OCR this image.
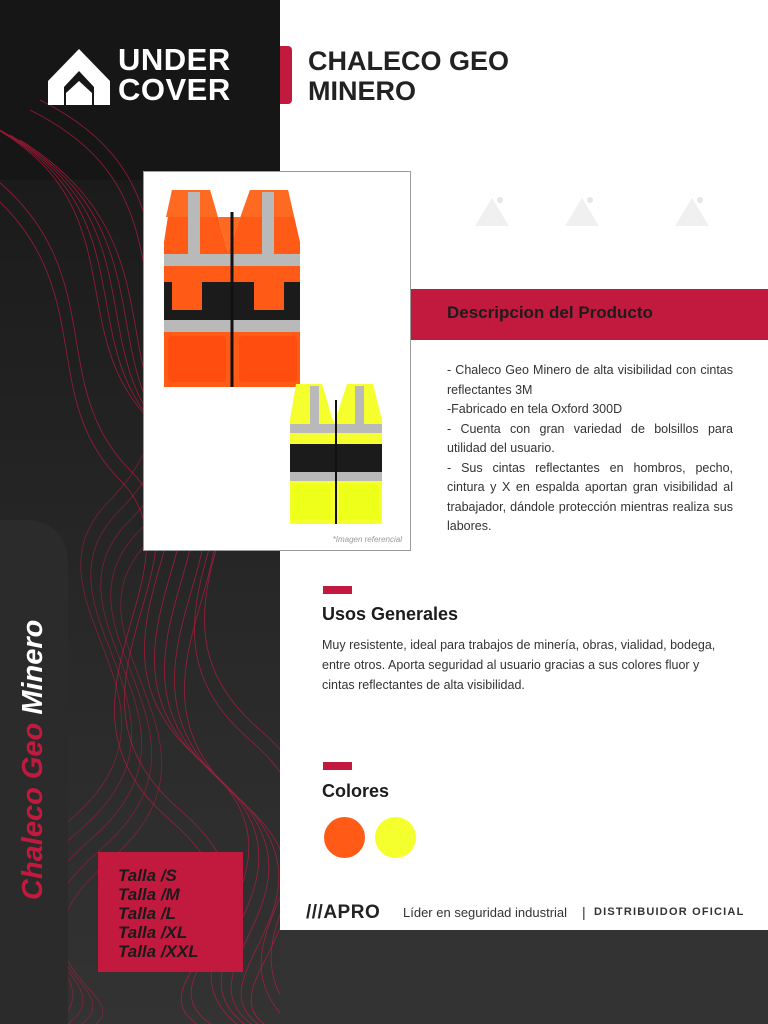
UNDER
COVER
CHALECO GEO MINERO
*Imagen referencial
Descripcion del Producto

- Chaleco Geo Minero de alta visibilidad con cintas reflectantes 3M

-Fabricado en tela Oxford 300D

- Cuenta con gran variedad de bolsillos para utilidad del usuario.

- Sus cintas reflectantes en hombros, pecho, cintura y X en espalda aportan gran visibilidad al trabajador, dándole protección mientras realiza sus labores.

Usos Generales

Muy resistente, ideal para trabajos de minería, obras, vialidad, bodega, entre otros. Aporta seguridad al usuario gracias a sus colores fluor y cintas reflectantes de alta visibilidad.

Colores
Chaleco Geo Minero
Talla /S
Talla /M
Talla /L
Talla /XL
Talla /XXL
///APRO Líder en seguridad industrial | DISTRIBUIDOR OFICIAL
